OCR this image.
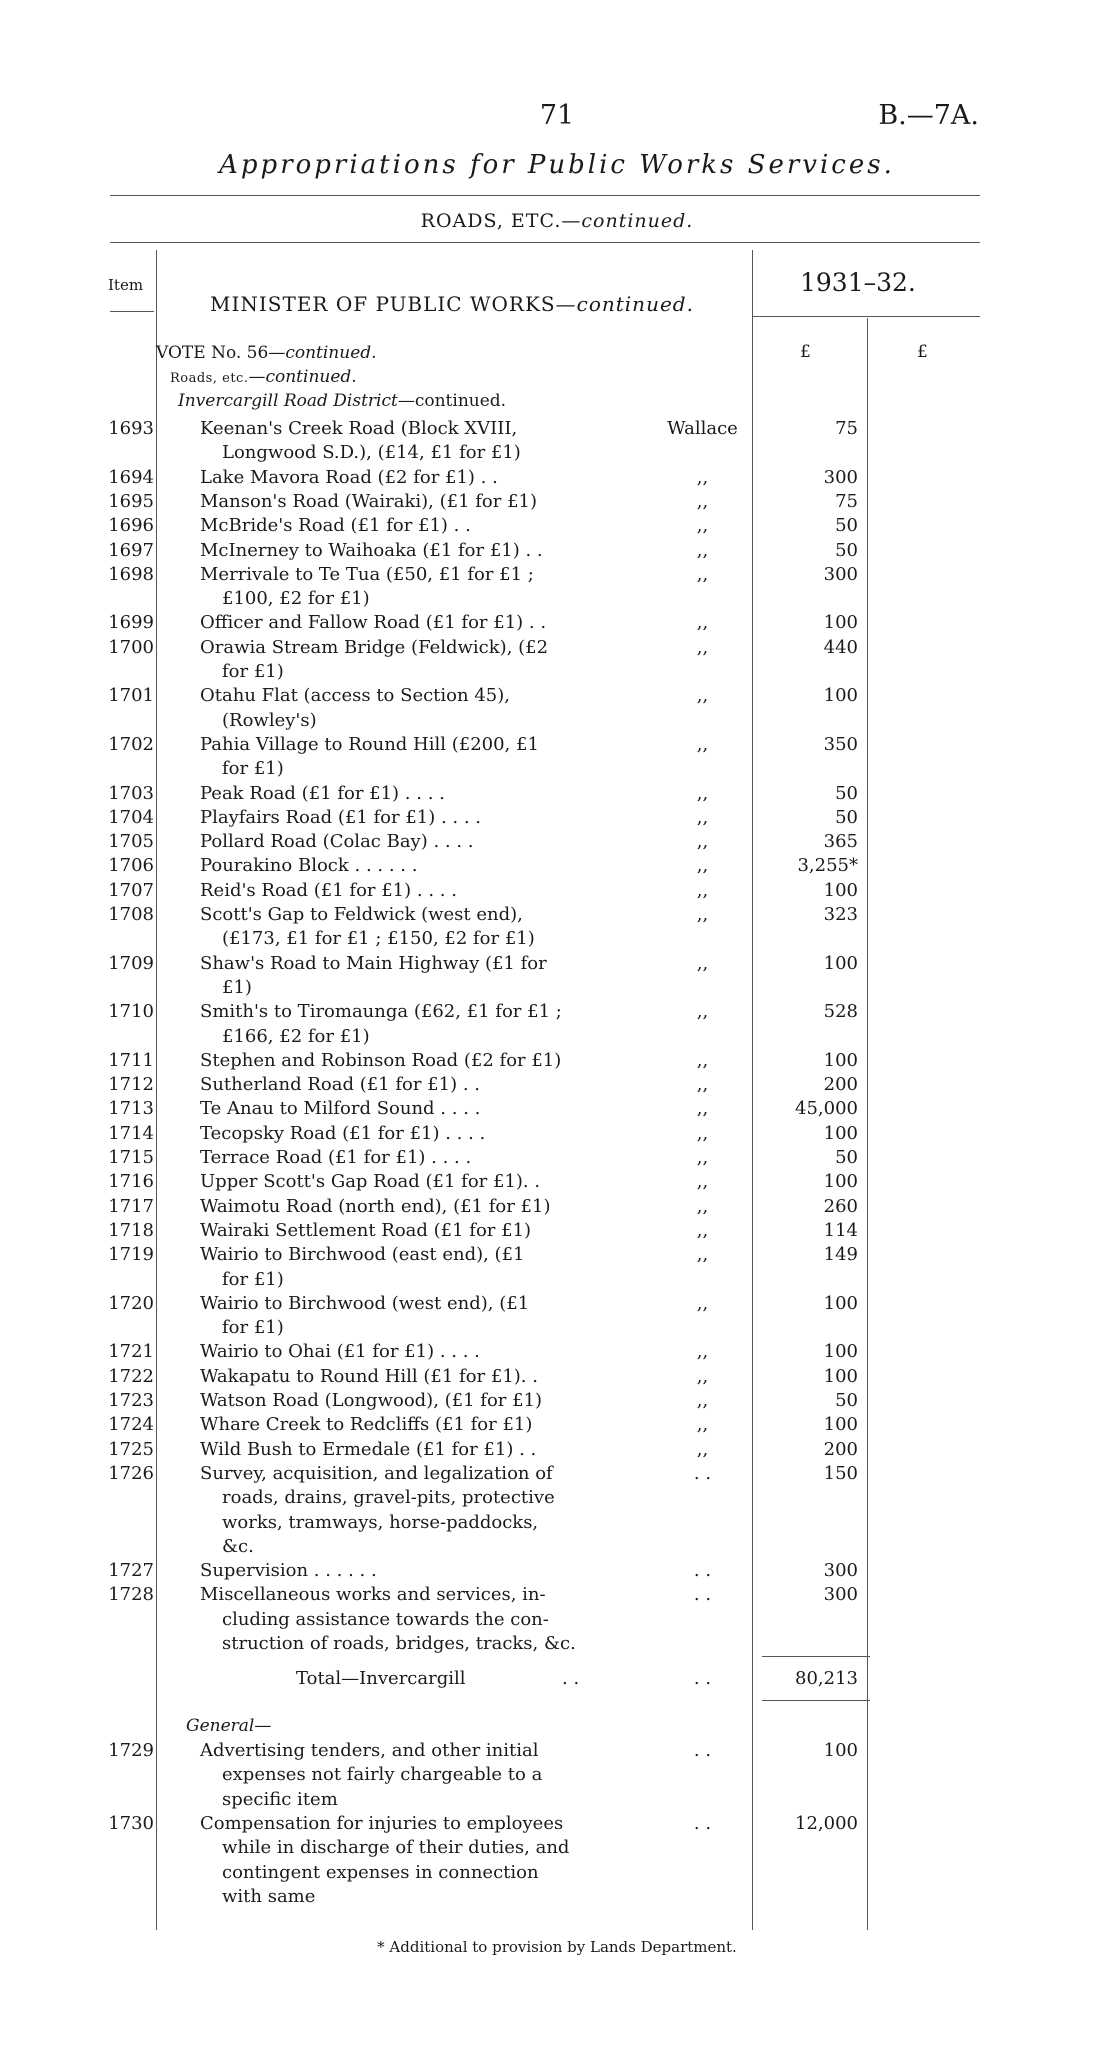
71	B.—7A.
Appropriations for Public Works Services.
ROADS, ETC.—continued.
Item
MINISTER OF PUBLIC WORKS—continued.
1931–32.
£	£
VOTE No. 56—continued.
Roads, etc.—continued.
Invercargill Road District—continued.
1693	Keenan's Creek Road (Block XVIII,	Wallace	75
Longwood S.D.), (£14, £1 for £1)
1694	Lake Mavora Road (£2 for £1) . .	,,	300
1695	Manson's Road (Wairaki), (£1 for £1)	,,	75
1696	McBride's Road (£1 for £1) . .	,,	50
1697	McInerney to Waihoaka (£1 for £1) . .	,,	50
1698	Merrivale to Te Tua (£50, £1 for £1 ;	,,	300
£100, £2 for £1)
1699	Officer and Fallow Road (£1 for £1) . .	,,	100
1700	Orawia Stream Bridge (Feldwick), (£2	,,	440
for £1)
1701	Otahu Flat (access to Section 45),	,,	100
(Rowley's)
1702	Pahia Village to Round Hill (£200, £1	,,	350
for £1)
1703	Peak Road (£1 for £1) . . . .	,,	50
1704	Playfairs Road (£1 for £1) . . . .	,,	50
1705	Pollard Road (Colac Bay) . . . .	,,	365
1706	Pourakino Block . . . . . .	,,	3,255*
1707	Reid's Road (£1 for £1) . . . .	,,	100
1708	Scott's Gap to Feldwick (west end),	,,	323
(£173, £1 for £1 ; £150, £2 for £1)
1709	Shaw's Road to Main Highway (£1 for	,,	100
£1)
1710	Smith's to Tiromaunga (£62, £1 for £1 ;	,,	528
£166, £2 for £1)
1711	Stephen and Robinson Road (£2 for £1)	,,	100
1712	Sutherland Road (£1 for £1) . .	,,	200
1713	Te Anau to Milford Sound . . . .	,,	45,000
1714	Tecopsky Road (£1 for £1) . . . .	,,	100
1715	Terrace Road (£1 for £1) . . . .	,,	50
1716	Upper Scott's Gap Road (£1 for £1). .	,,	100
1717	Waimotu Road (north end), (£1 for £1)	,,	260
1718	Wairaki Settlement Road (£1 for £1)	,,	114
1719	Wairio to Birchwood (east end), (£1	,,	149
for £1)
1720	Wairio to Birchwood (west end), (£1	,,	100
for £1)
1721	Wairio to Ohai (£1 for £1) . . . .	,,	100
1722	Wakapatu to Round Hill (£1 for £1). .	,,	100
1723	Watson Road (Longwood), (£1 for £1)	,,	50
1724	Whare Creek to Redcliffs (£1 for £1)	,,	100
1725	Wild Bush to Ermedale (£1 for £1) . .	,,	200
1726	Survey, acquisition, and legalization of	. .	150
roads, drains, gravel-pits, protective
works, tramways, horse-paddocks,
&c.
1727	Supervision . . . . . .	. .	300
1728	Miscellaneous works and services, in-	. .	300
cluding assistance towards the con-
struction of roads, bridges, tracks, &c.
Total—Invercargill	. .	. .	80,213
General—
1729	Advertising tenders, and other initial	. .	100
expenses not fairly chargeable to a
specific item
1730	Compensation for injuries to employees	. .	12,000
while in discharge of their duties, and
contingent expenses in connection
with same
* Additional to provision by Lands Department.
